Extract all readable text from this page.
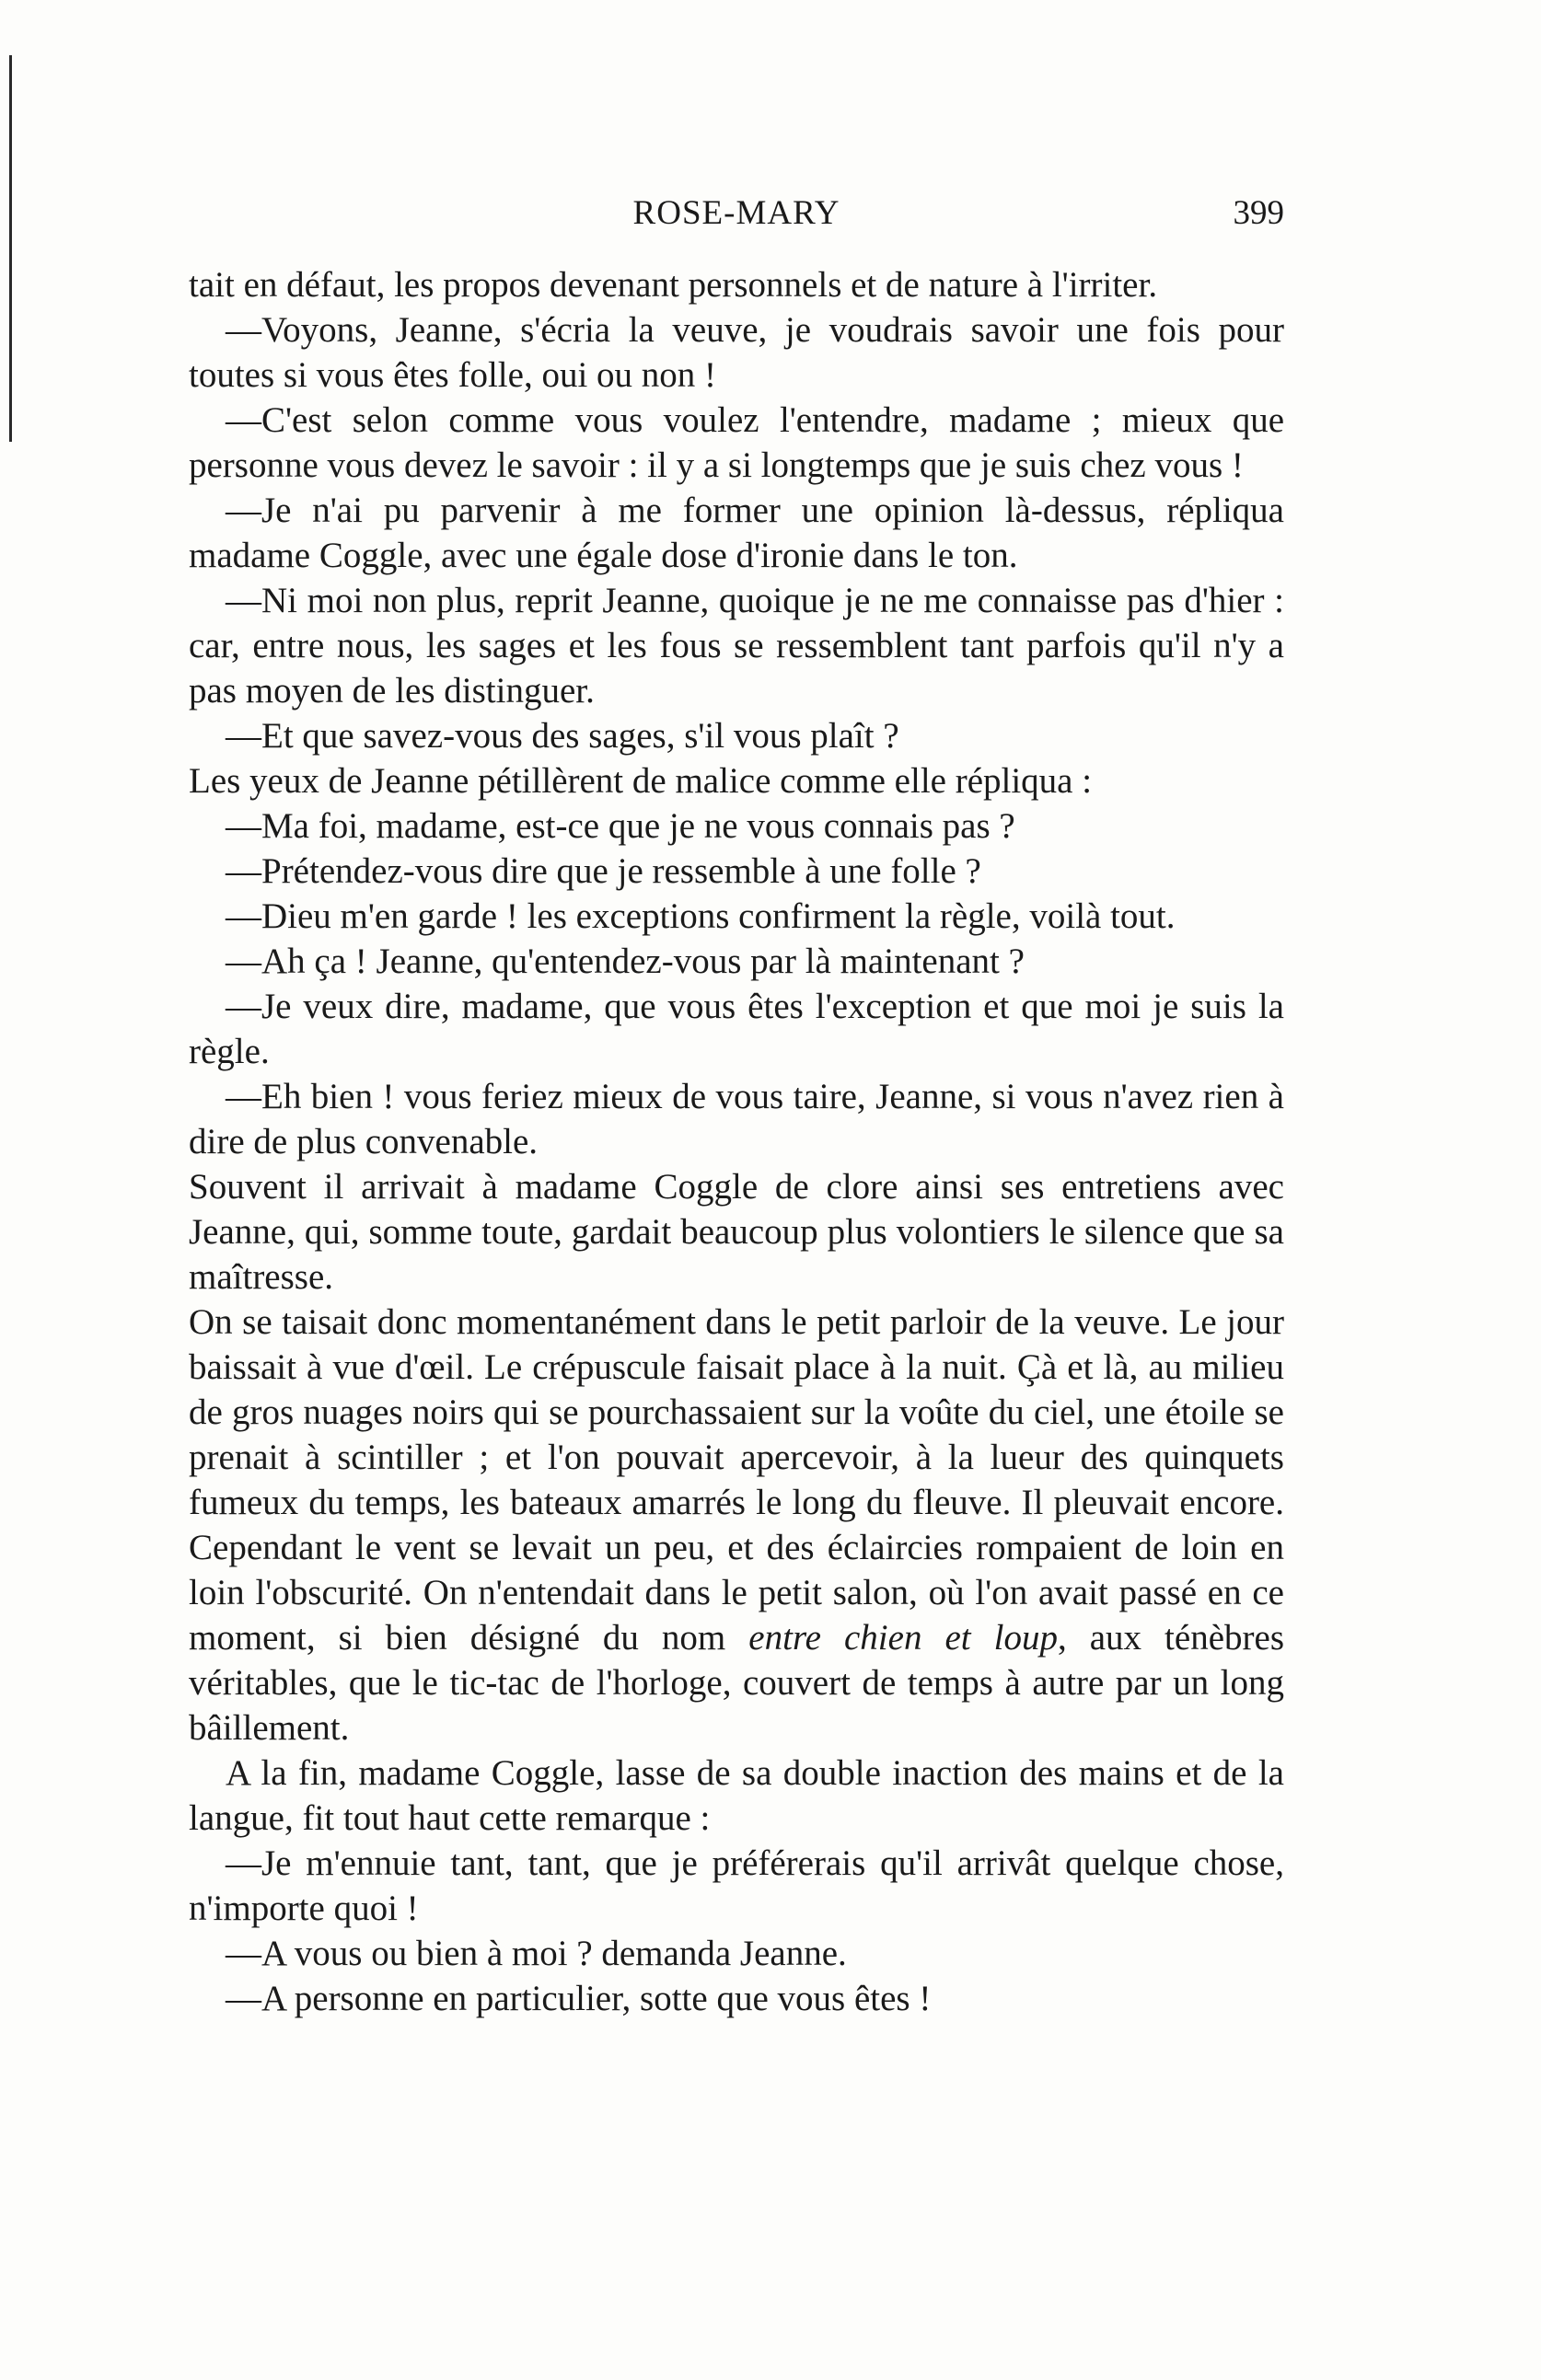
ROSE-MARY	399

tait en défaut, les propos devenant personnels et de nature à l'irriter.

—Voyons, Jeanne, s'écria la veuve, je voudrais savoir une fois pour toutes si vous êtes folle, oui ou non !

—C'est selon comme vous voulez l'entendre, madame ; mieux que personne vous devez le savoir : il y a si longtemps que je suis chez vous !

—Je n'ai pu parvenir à me former une opinion là-dessus, répliqua madame Coggle, avec une égale dose d'ironie dans le ton.

—Ni moi non plus, reprit Jeanne, quoique je ne me connaisse pas d'hier : car, entre nous, les sages et les fous se ressemblent tant parfois qu'il n'y a pas moyen de les distinguer.

—Et que savez-vous des sages, s'il vous plaît ?

Les yeux de Jeanne pétillèrent de malice comme elle répliqua :

—Ma foi, madame, est-ce que je ne vous connais pas ?

—Prétendez-vous dire que je ressemble à une folle ?

—Dieu m'en garde ! les exceptions confirment la règle, voilà tout.

—Ah ça ! Jeanne, qu'entendez-vous par là maintenant ?

—Je veux dire, madame, que vous êtes l'exception et que moi je suis la règle.

—Eh bien ! vous feriez mieux de vous taire, Jeanne, si vous n'avez rien à dire de plus convenable.

Souvent il arrivait à madame Coggle de clore ainsi ses entretiens avec Jeanne, qui, somme toute, gardait beaucoup plus volontiers le silence que sa maîtresse.

On se taisait donc momentanément dans le petit parloir de la veuve. Le jour baissait à vue d'œil. Le crépuscule faisait place à la nuit. Çà et là, au milieu de gros nuages noirs qui se pourchassaient sur la voûte du ciel, une étoile se prenait à scintiller ; et l'on pouvait apercevoir, à la lueur des quinquets fumeux du temps, les bateaux amarrés le long du fleuve. Il pleuvait encore. Cependant le vent se levait un peu, et des éclaircies rompaient de loin en loin l'obscurité. On n'entendait dans le petit salon, où l'on avait passé en ce moment, si bien désigné du nom entre chien et loup, aux ténèbres véritables, que le tic-tac de l'horloge, couvert de temps à autre par un long bâillement.

A la fin, madame Coggle, lasse de sa double inaction des mains et de la langue, fit tout haut cette remarque :

—Je m'ennuie tant, tant, que je préférerais qu'il arrivât quelque chose, n'importe quoi !

—A vous ou bien à moi ? demanda Jeanne.

—A personne en particulier, sotte que vous êtes !
